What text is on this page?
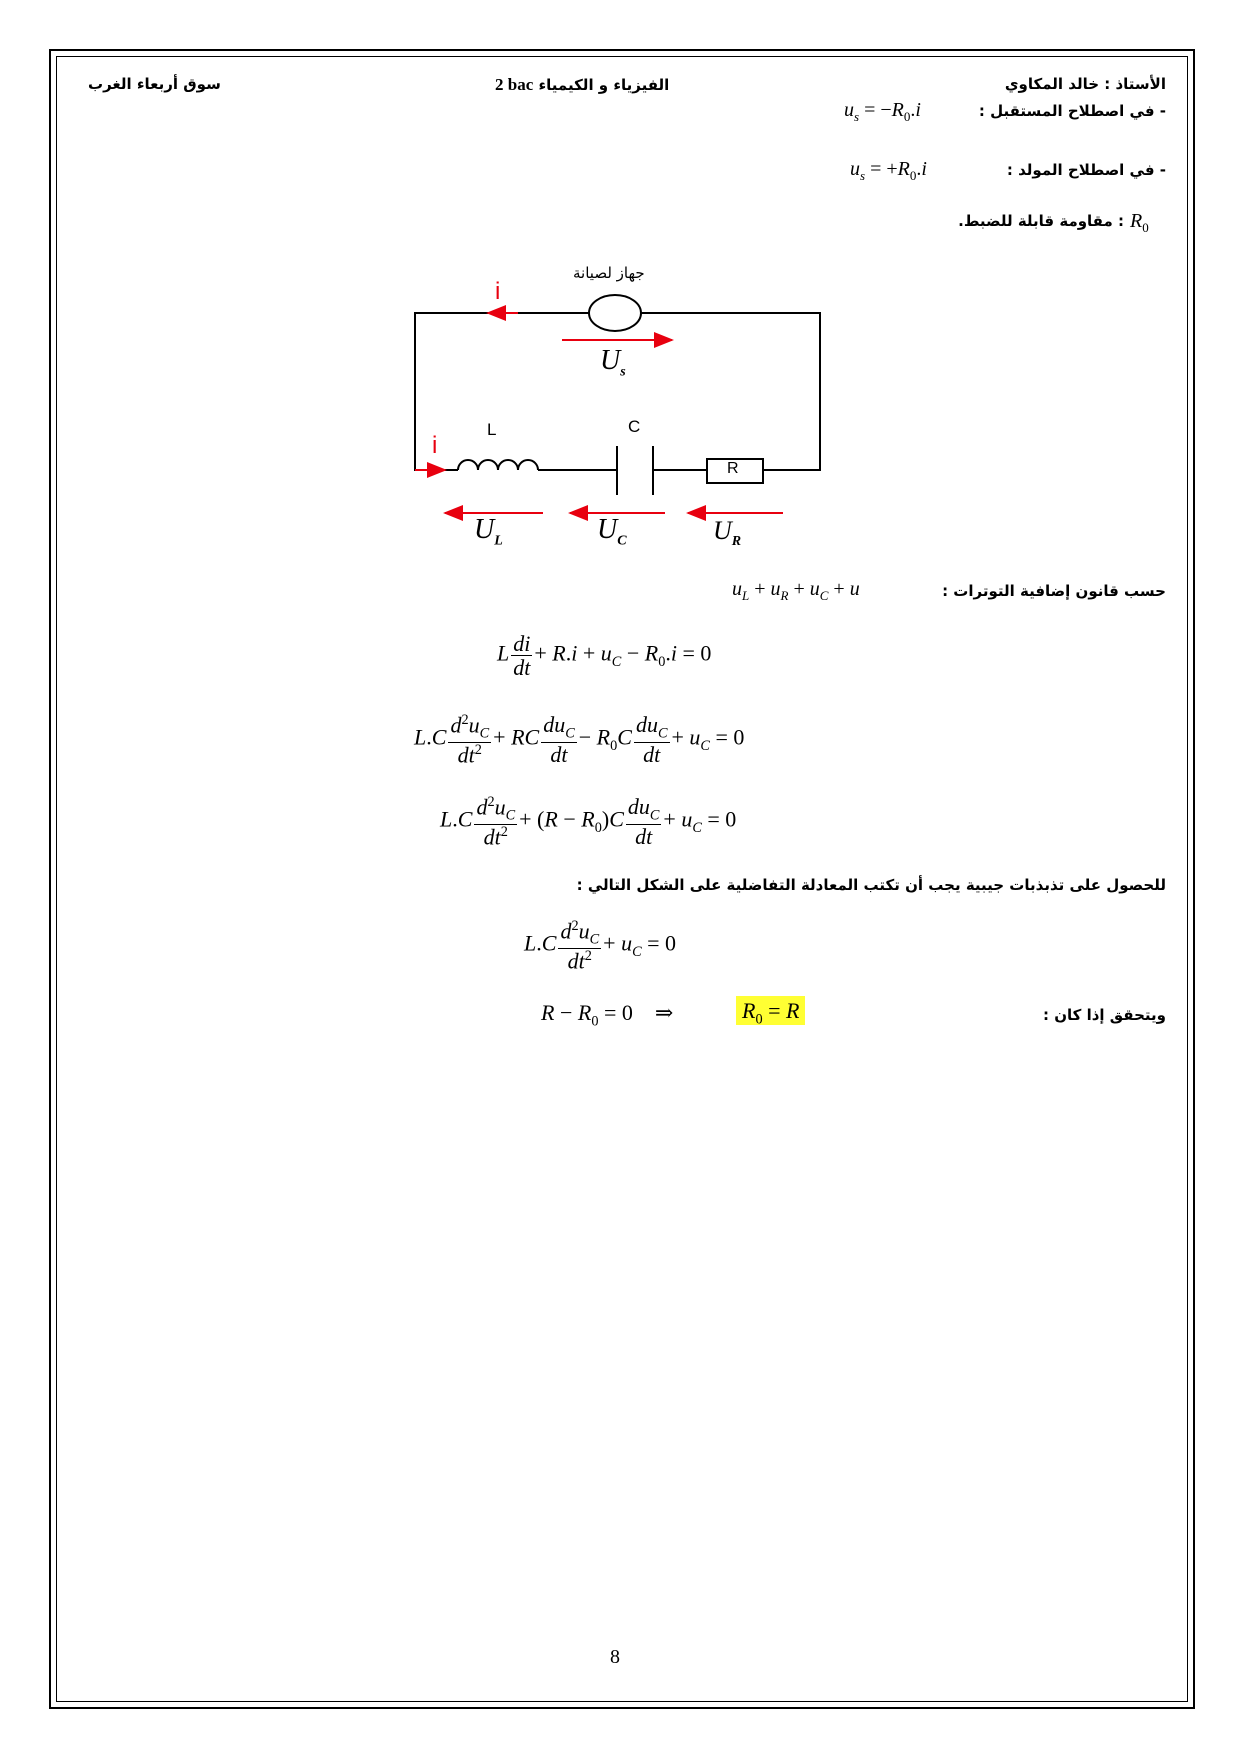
الأستاذ : خالد المكاوي
2 bac الفيزياء و الكيمياء
سوق أربعاء الغرب
- في اصطلاح المستقبل :
$u_s = -R_0.i$
- في اصطلاح المولد :
$u_s = +R_0.i$
: مقاومة قابلة للضبط. $R_0$
جهاز لصيانة
i
i
$U_s$
L	C
R
$U_L$	$U_C$	$U_R$
حسب قانون إضافية التوترات :
$u_L + u_R + u_C + u$
L $\frac{di}{dt} + R.i + u_C - R_0.i = 0$
$L.C \frac{d^2u_C}{dt^2}$ + RC $\frac{du_C}{dt} - R_0C \frac{du_C}{dt} + u_C = 0$
$L.C \frac{d^2u_C}{dt^2} + (R - R_0)C \frac{du_C}{dt} + u_C = 0$
للحصول على تذبذبات جيبية يجب أن تكتب المعادلة التفاضلية على الشكل التالي :
$L.C \frac{d^2u_C}{dt^2} + u_C = 0$
ويتحقق إذا كان :
$R - R_0 = 0$    ⇒	$R_0 = R$
8
